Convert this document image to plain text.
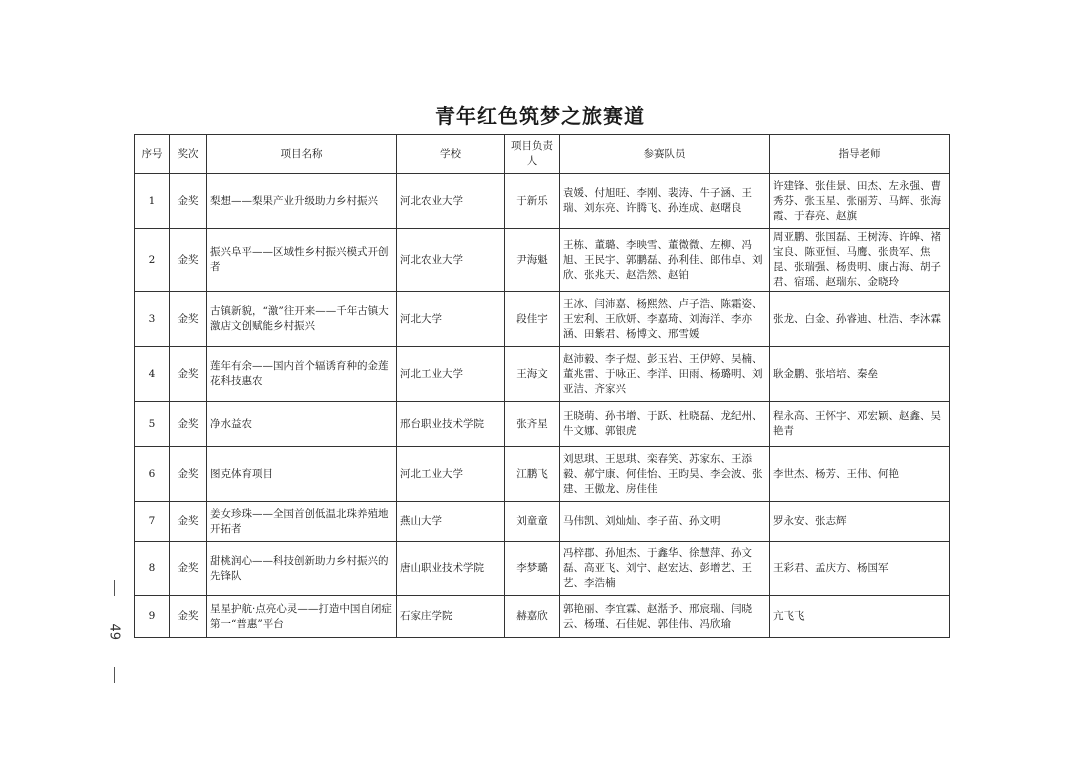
青年红色筑梦之旅赛道
序号	奖次	项目名称	学校	项目负责人	参赛队员	指导老师
1	金奖	梨想——梨果产业升级助力乡村振兴	河北农业大学	于新乐	袁媛、付旭旺、李刚、裴涛、牛子涵、王瑞、刘东亮、许腾飞、孙连成、赵曙良	许建锋、张佳景、田杰、左永强、曹秀芬、张玉星、张丽芳、马辉、张海霞、于春亮、赵旗
2	金奖	振兴阜平——区域性乡村振兴模式开创者	河北农业大学	尹海魁	王栋、董璐、李映雪、董微微、左柳、冯旭、王民宇、郭鹏磊、孙利佳、郎伟卓、刘欣、张兆天、赵浩然、赵铂	周亚鹏、张国磊、王树涛、许皞、褚宝良、陈亚恒、马鹰、张贵军、焦昆、张瑞强、杨贵明、康占海、胡子君、宿瑶、赵瑞东、金晓玲
3	金奖	古镇新貌，“激”往开来——千年古镇大激店文创赋能乡村振兴	河北大学	段佳宇	王冰、闫沛嘉、杨熙然、卢子浩、陈霜姿、王宏利、王欣妍、李嘉琦、刘海洋、李亦涵、田紫君、杨博文、邢雪媛	张龙、白金、孙睿迪、杜浩、李沐霖
4	金奖	莲年有余——国内首个辐诱育种的金莲花科技惠农	河北工业大学	王海文	赵沛毅、李子煜、彭玉岩、王伊婷、吴楠、董兆雷、于咏正、李洋、田雨、杨璐明、刘亚洁、齐家兴	耿金鹏、张培培、秦垒
5	金奖	净水益农	邢台职业技术学院	张齐星	王晓萌、孙书增、于跃、杜晓磊、龙纪州、牛文娜、郭银虎	程永高、王怀宇、邓宏颖、赵鑫、吴艳青
6	金奖	图克体育项目	河北工业大学	江鹏飞	刘思琪、王思琪、栾春笑、苏家东、王添毅、郝宁康、何佳怡、王昀昊、李会波、张建、王傲龙、房佳佳	李世杰、杨芳、王伟、何艳
7	金奖	姜女珍珠——全国首创低温北珠养殖地开拓者	燕山大学	刘童童	马伟凯、刘灿灿、李子苗、孙文明	罗永安、张志辉
8	金奖	甜桃润心——科技创新助力乡村振兴的先锋队	唐山职业技术学院	李梦璐	冯梓郡、孙旭杰、于鑫华、徐慧萍、孙文磊、高亚飞、刘宁、赵宏达、彭增艺、王艺、李浩楠	王彩君、孟庆方、杨国军
9	金奖	星星护航·点亮心灵——打造中国自闭症第一“普惠”平台	石家庄学院	赫嘉欣	郭艳丽、李宜霖、赵湉予、邢宸瑞、闫晓云、杨瑾、石佳妮、郭佳伟、冯欣瑜	亢飞飞
49
